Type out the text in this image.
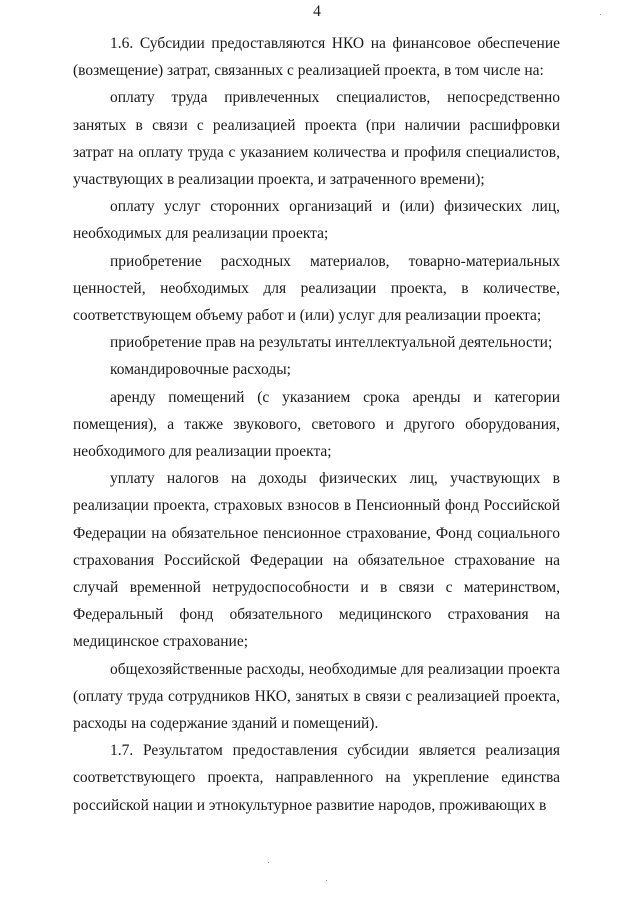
4

1.6. Субсидии предоставляются НКО на финансовое обеспечение (возмещение) затрат, связанных с реализацией проекта, в том числе на:

оплату труда привлеченных специалистов, непосредственно занятых в связи с реализацией проекта (при наличии расшифровки затрат на оплату труда с указанием количества и профиля специалистов, участвующих в реализации проекта, и затраченного времени);

оплату услуг сторонних организаций и (или) физических лиц, необходимых для реализации проекта;

приобретение расходных материалов, товарно-материальных ценностей, необходимых для реализации проекта, в количестве, соответствующем объему работ и (или) услуг для реализации проекта;

приобретение прав на результаты интеллектуальной деятельности;

командировочные расходы;

аренду помещений (с указанием срока аренды и категории помещения), а также звукового, светового и другого оборудования, необходимого для реализации проекта;

уплату налогов на доходы физических лиц, участвующих в реализации проекта, страховых взносов в Пенсионный фонд Российской Федерации на обязательное пенсионное страхование, Фонд социального страхования Российской Федерации на обязательное страхование на случай временной нетрудоспособности и в связи с материнством, Федеральный фонд обязательного медицинского страхования на медицинское страхование;

общехозяйственные расходы, необходимые для реализации проекта (оплату труда сотрудников НКО, занятых в связи с реализацией проекта, расходы на содержание зданий и помещений).

1.7. Результатом предоставления субсидии является реализация соответствующего проекта, направленного на укрепление единства российской нации и этнокультурное развитие народов, проживающих в
